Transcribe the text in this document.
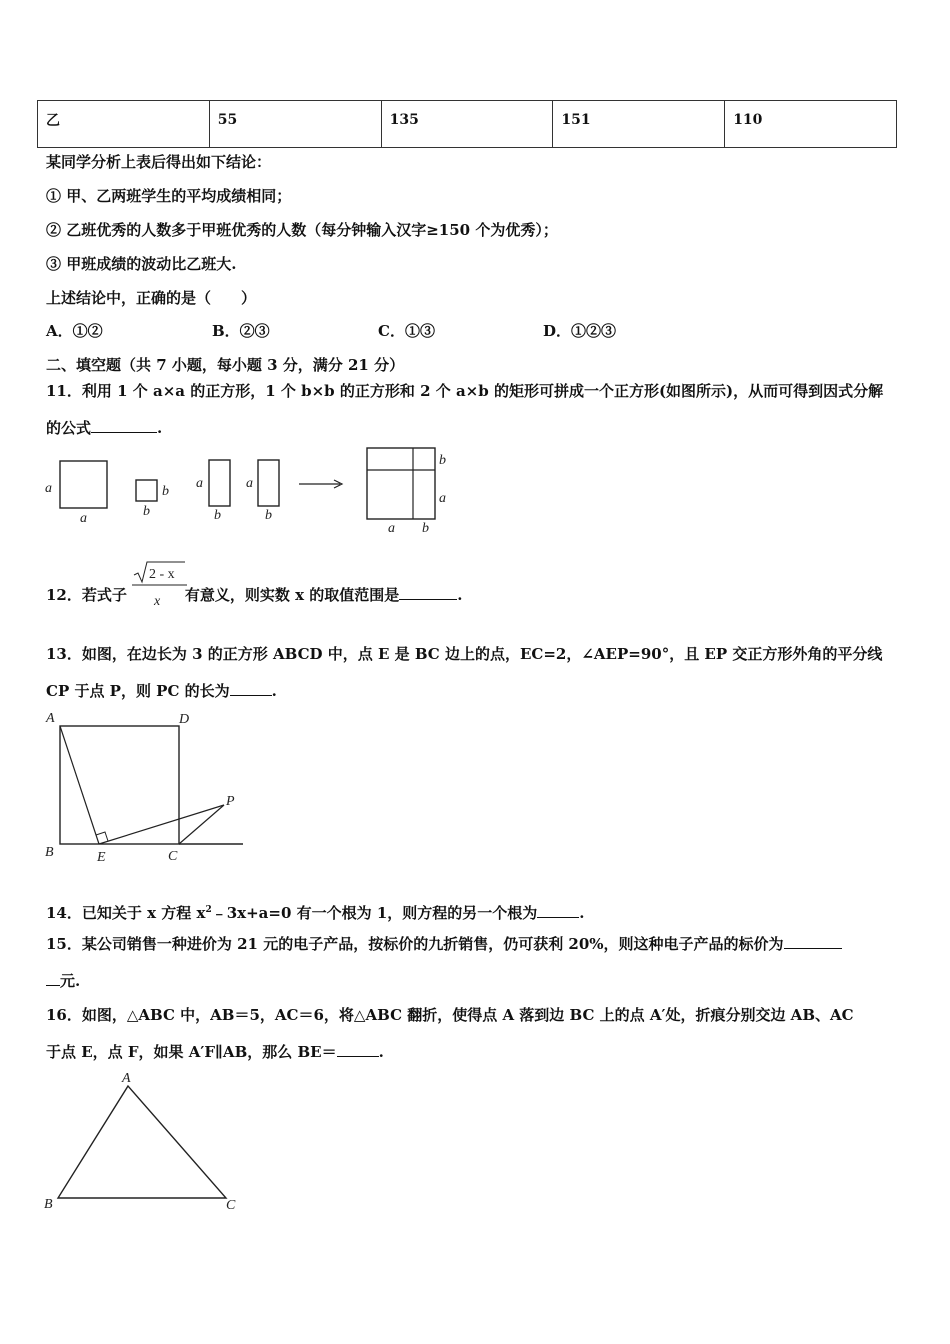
乙	55	135	151	110
某同学分析上表后得出如下结论：
① 甲、乙两班学生的平均成绩相同；
② 乙班优秀的人数多于甲班优秀的人数（每分钟输入汉字≥150 个为优秀）；
③ 甲班成绩的波动比乙班大.
上述结论中，正确的是（　　）
A．①②	B．②③	C．①③	D．①②③
二、填空题（共 7 小题，每小题 3 分，满分 21 分）
11．利用 1 个 a×a 的正方形，1 个 b×b 的正方形和 2 个 a×b 的矩形可拼成一个正方形(如图所示)，从而可得到因式分解
的公式	.
a
a
b
b
a
b
a
b
b
a
a b
12．若式子	有意义，则实数 x 的取值范围是	.
2 - x
x
13．如图，在边长为 3 的正方形 ABCD 中，点 E 是 BC 边上的点，EC=2，∠AEP=90°，且 EP 交正方形外角的平分线
CP 于点 P，则 PC 的长为	.
A	D
B	E	C
P
14．已知关于 x 方程 $x^2﹣3x+a=0$ 有一个根为 1，则方程的另一个根为	.
15．某公司销售一种进价为 21 元的电子产品，按标价的九折销售，仍可获利 20%，则这种电子产品的标价为
元.
16．如图，△ABC 中，AB＝5，AC＝6，将△ABC 翻折，使得点 A 落到边 BC 上的点 A′处，折痕分别交边 AB、AC
于点 E，点 F，如果 A′F∥AB，那么 BE＝	.
A
B	C
